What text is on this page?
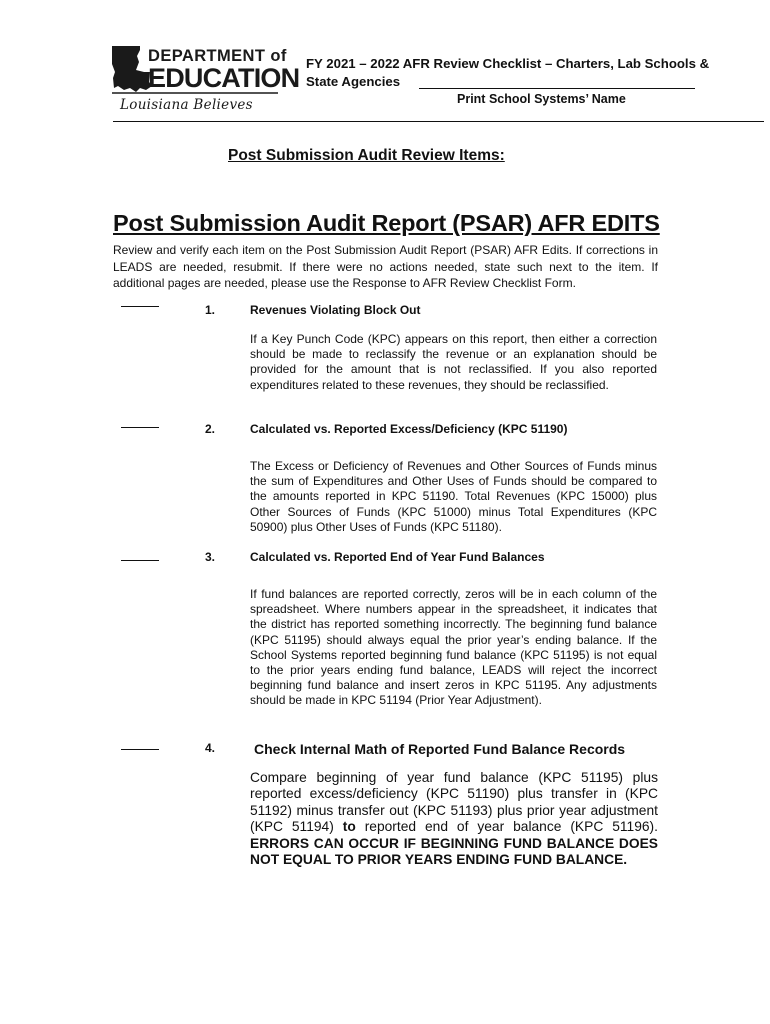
DEPARTMENT of
EDUCATION
Louisiana Believes
FY 2021 – 2022 AFR Review Checklist – Charters, Lab Schools &
State Agencies
Print School Systems’ Name
Post Submission Audit Review Items:
Post Submission Audit Report (PSAR) AFR EDITS
Review and verify each item on the Post Submission Audit Report (PSAR) AFR Edits. If corrections in LEADS are needed, resubmit. If there were no actions needed, state such next to the item. If additional pages are needed, please use the Response to AFR Review Checklist Form.
1.	Revenues Violating Block Out
If a Key Punch Code (KPC) appears on this report, then either a correction should be made to reclassify the revenue or an explanation should be provided for the amount that is not reclassified. If you also reported expenditures related to these revenues, they should be reclassified.
2.	Calculated vs. Reported Excess/Deficiency (KPC 51190)
The Excess or Deficiency of Revenues and Other Sources of Funds minus the sum of Expenditures and Other Uses of Funds should be compared to the amounts reported in KPC 51190. Total Revenues (KPC 15000) plus Other Sources of Funds (KPC 51000) minus Total Expenditures (KPC 50900) plus Other Uses of Funds (KPC 51180).
3.	Calculated vs. Reported End of Year Fund Balances
If fund balances are reported correctly, zeros will be in each column of the spreadsheet. Where numbers appear in the spreadsheet, it indicates that the district has reported something incorrectly. The beginning fund balance (KPC 51195) should always equal the prior year’s ending balance. If the School Systems reported beginning fund balance (KPC 51195) is not equal to the prior years ending fund balance, LEADS will reject the incorrect beginning fund balance and insert zeros in KPC 51195. Any adjustments should be made in KPC 51194 (Prior Year Adjustment).
4.	Check Internal Math of Reported Fund Balance Records
Compare beginning of year fund balance (KPC 51195) plus reported excess/deficiency (KPC 51190) plus transfer in (KPC 51192) minus transfer out (KPC 51193) plus prior year adjustment (KPC 51194) to reported end of year balance (KPC 51196). ERRORS CAN OCCUR IF BEGINNING FUND BALANCE DOES NOT EQUAL TO PRIOR YEARS ENDING FUND BALANCE.
